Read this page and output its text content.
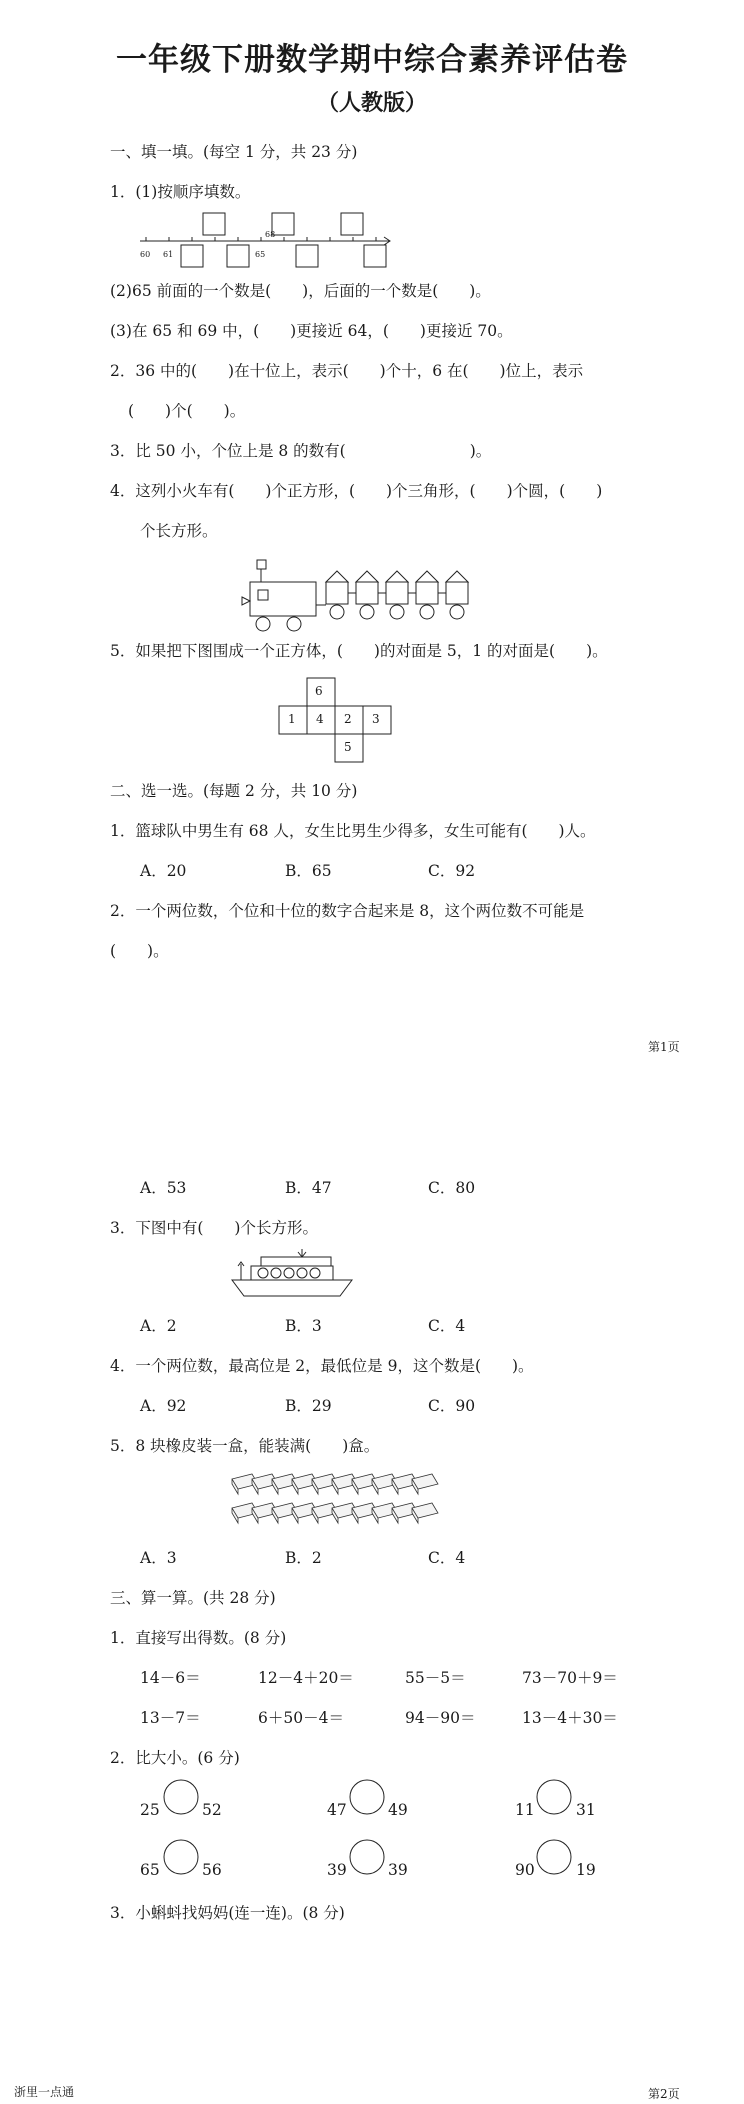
一年级下册数学期中综合素养评估卷
（人教版）
一、填一填。(每空 1 分，共 23 分)
1．(1)按顺序填数。
60 61	65
68
(2)65 前面的一个数是(　　)，后面的一个数是(　　)。
(3)在 65 和 69 中，(　　)更接近 64，(　　)更接近 70。
2．36 中的(　　)在十位上，表示(　　)个十，6 在(　　)位上，表示
(　　)个(　　)。
3．比 50 小，个位上是 8 的数有(　　　　　　　　)。
4．这列小火车有(　　)个正方形，(　　)个三角形，(　　)个圆，(　　)
个长方形。
5．如果把下图围成一个正方体，(　　)的对面是 5，1 的对面是(　　)。
6
1 4 2 3
5
二、选一选。(每题 2 分，共 10 分)
1．篮球队中男生有 68 人，女生比男生少得多，女生可能有(　　)人。
A．20	B．65	C．92
2．一个两位数，个位和十位的数字合起来是 8，这个两位数不可能是
(　　)。
第1页
A．53	B．47	C．80
3．下图中有(　　)个长方形。
A．2	B．3	C．4
4．一个两位数，最高位是 2，最低位是 9，这个数是(　　)。
A．92	B．29	C．90
5．8 块橡皮装一盒，能装满(　　)盒。
A．3	B．2	C．4
三、算一算。(共 28 分)
1．直接写出得数。(8 分)
14－6＝	12－4＋20＝	55－5＝	73－70＋9＝
13－7＝	6＋50－4＝	94－90＝	13－4＋30＝
2．比大小。(6 分)
25	52	47	49	11	31
65	56	39	39	90	19
3．小蝌蚪找妈妈(连一连)。(8 分)
浙里一点通	第2页
